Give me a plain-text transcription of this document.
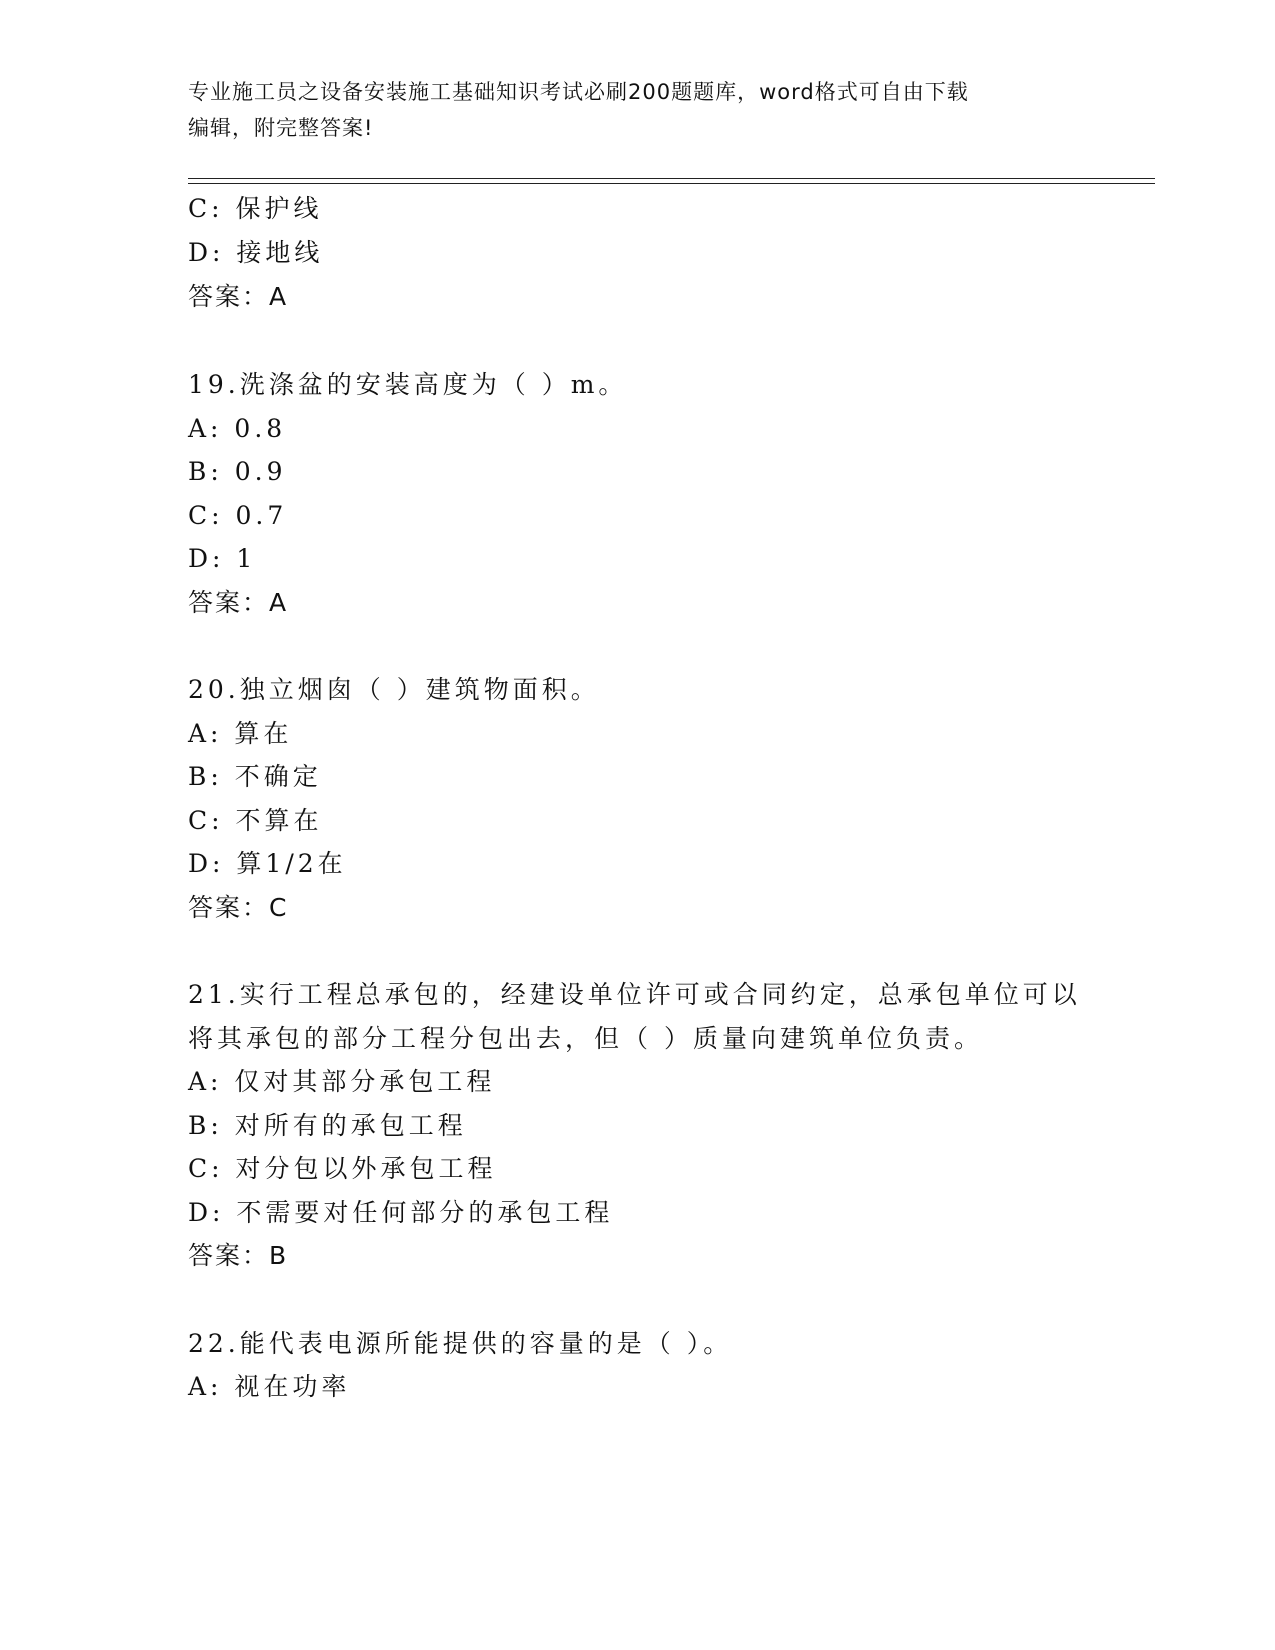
专业施工员之设备安装施工基础知识考试必刷200题题库，word格式可自由下载
编辑，附完整答案!
C: 保护线
D: 接地线
答案：A
19.洗涤盆的安装高度为（ ）m。
A: 0.8
B: 0.9
C: 0.7
D: 1
答案：A
20.独立烟囱（ ）建筑物面积。
A: 算在
B: 不确定
C: 不算在
D: 算1/2在
答案：C
21.实行工程总承包的，经建设单位许可或合同约定，总承包单位可以
将其承包的部分工程分包出去，但（ ）质量向建筑单位负责。
A: 仅对其部分承包工程
B: 对所有的承包工程
C: 对分包以外承包工程
D: 不需要对任何部分的承包工程
答案：B
22.能代表电源所能提供的容量的是（ ）。
A: 视在功率
